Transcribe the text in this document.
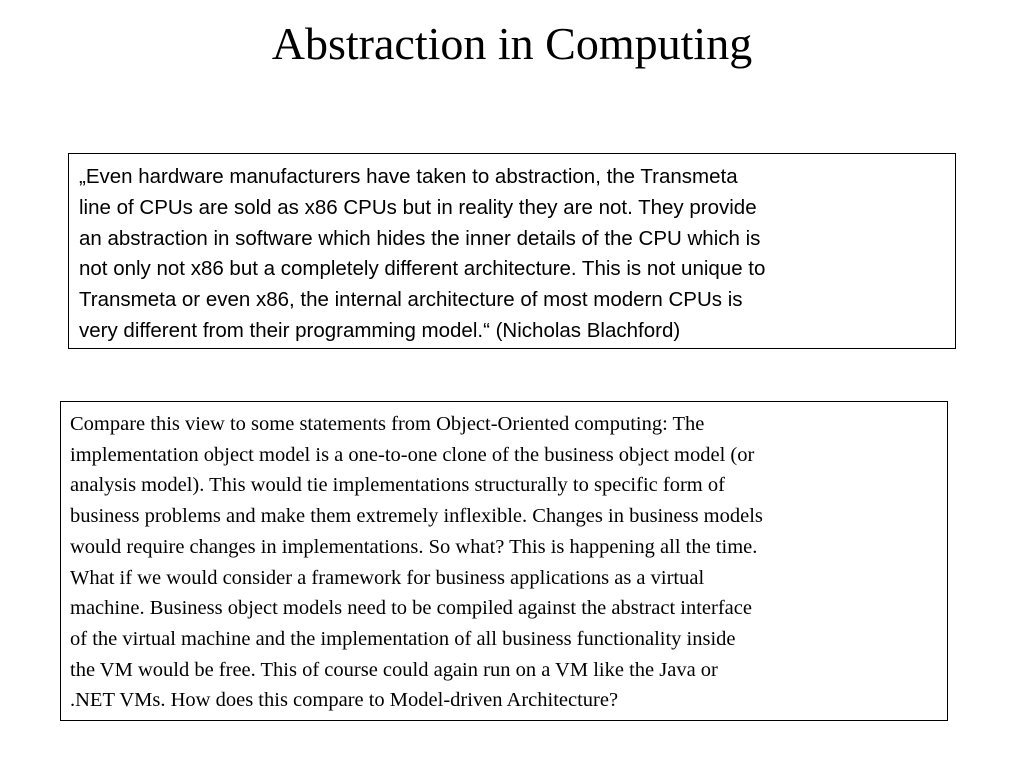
Abstraction in Computing
„Even hardware manufacturers have taken to abstraction, the Transmeta
line of CPUs are sold as x86 CPUs but in reality they are not. They provide
an abstraction in software which hides the inner details of the CPU which is
not only not x86 but a completely different architecture. This is not unique to
Transmeta or even x86, the internal architecture of most modern CPUs is
very different from their programming model.“ (Nicholas Blachford)
Compare this view to some statements from Object-Oriented computing: The
implementation object model is a one-to-one clone of the business object model (or
analysis model). This would tie implementations structurally to specific form of
business problems and make them extremely inflexible. Changes in business models
would require changes in implementations. So what? This is happening all the time.
What if we would consider a framework for business applications as a virtual
machine. Business object models need to be compiled against the abstract interface
of the virtual machine and the implementation of all business functionality inside
the VM would be free. This of course could again run on a VM like the Java or
.NET VMs. How does this compare to Model-driven Architecture?
